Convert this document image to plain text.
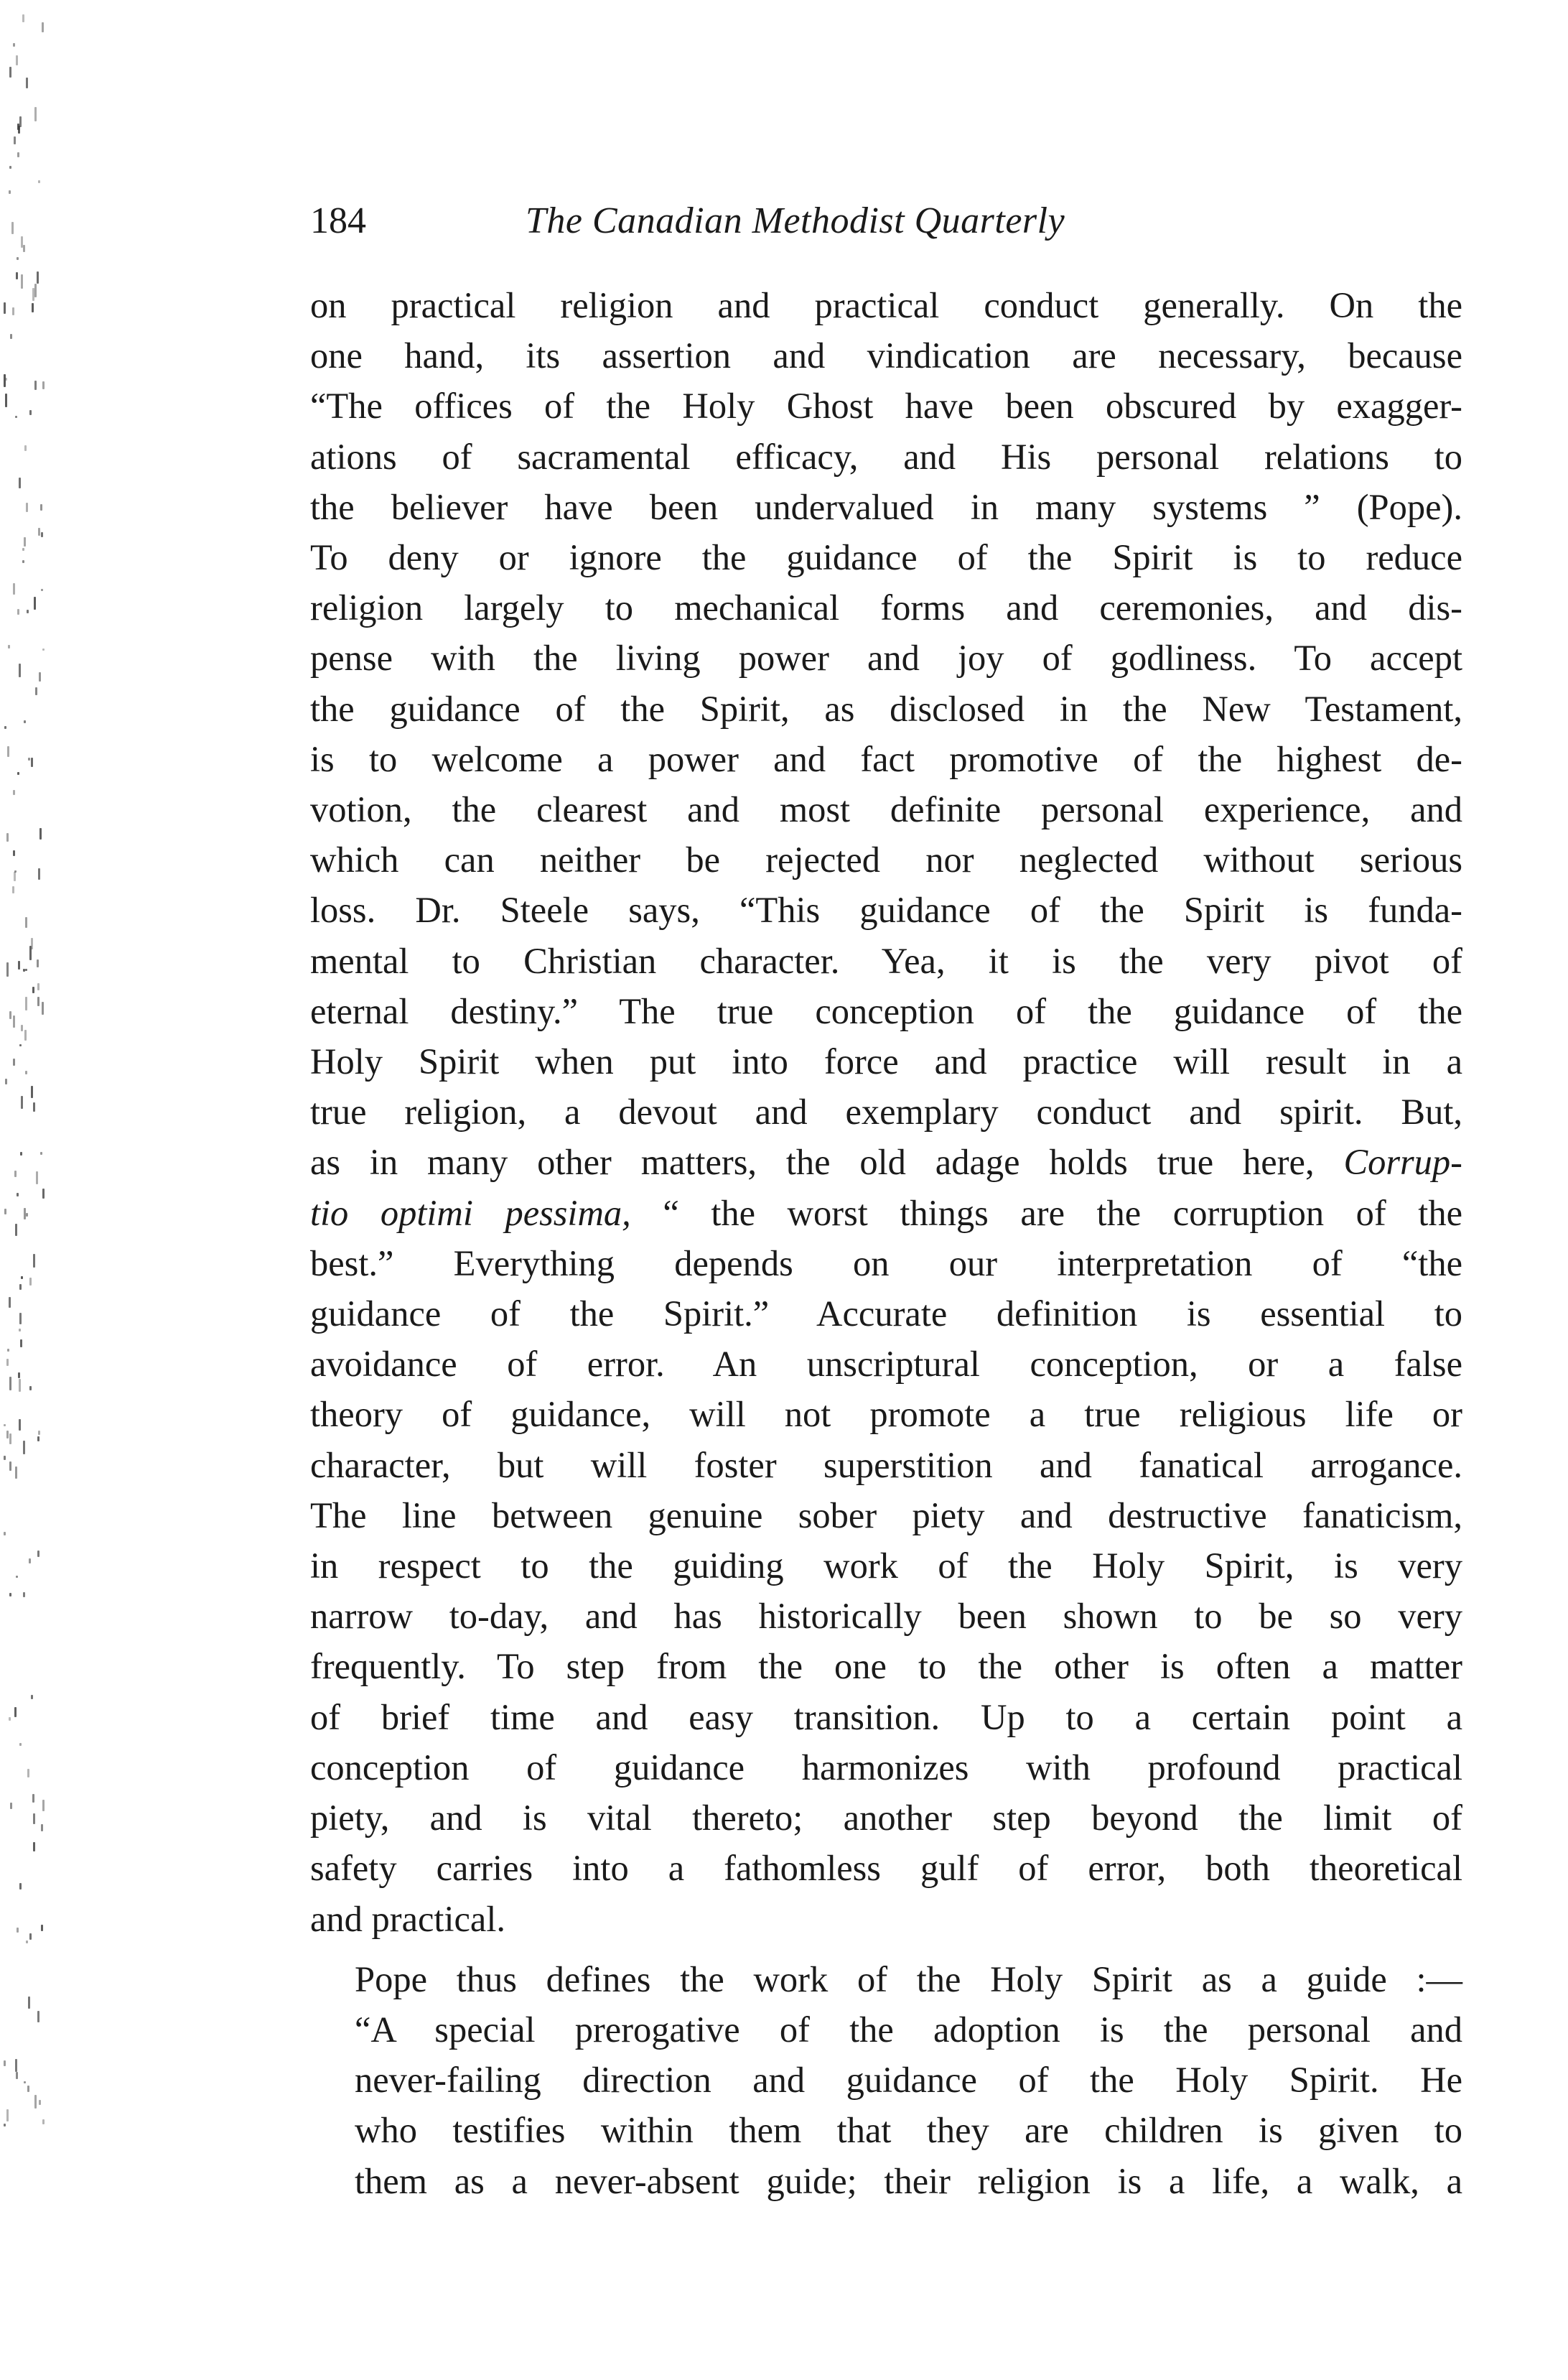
184	The Canadian Methodist Quarterly
on practical religion and practical conduct generally. On the
one hand, its assertion and vindication are necessary, because
“The offices of the Holy Ghost have been obscured by exagger-
ations of sacramental efficacy, and His personal relations to
the believer have been undervalued in many systems ” (Pope).
To deny or ignore the guidance of the Spirit is to reduce
religion largely to mechanical forms and ceremonies, and dis-
pense with the living power and joy of godliness. To accept
the guidance of the Spirit, as disclosed in the New Testament,
is to welcome a power and fact promotive of the highest de-
votion, the clearest and most definite personal experience, and
which can neither be rejected nor neglected without serious
loss. Dr. Steele says, “This guidance of the Spirit is funda-
mental to Christian character. Yea, it is the very pivot of
eternal destiny.” The true conception of the guidance of the
Holy Spirit when put into force and practice will result in a
true religion, a devout and exemplary conduct and spirit. But,
as in many other matters, the old adage holds true here, Corrup-
tio optimi pessima, “ the worst things are the corruption of the
best.” Everything depends on our interpretation of “the
guidance of the Spirit.” Accurate definition is essential to
avoidance of error. An unscriptural conception, or a false
theory of guidance, will not promote a true religious life or
character, but will foster superstition and fanatical arrogance.
The line between genuine sober piety and destructive fanaticism,
in respect to the guiding work of the Holy Spirit, is very
narrow to-day, and has historically been shown to be so very
frequently. To step from the one to the other is often a matter
of brief time and easy transition. Up to a certain point a
conception of guidance harmonizes with profound practical
piety, and is vital thereto; another step beyond the limit of
safety carries into a fathomless gulf of error, both theoretical
and practical.
Pope thus defines the work of the Holy Spirit as a guide :—
“A special prerogative of the adoption is the personal and
never-failing direction and guidance of the Holy Spirit. He
who testifies within them that they are children is given to
them as a never-absent guide; their religion is a life, a walk, a
